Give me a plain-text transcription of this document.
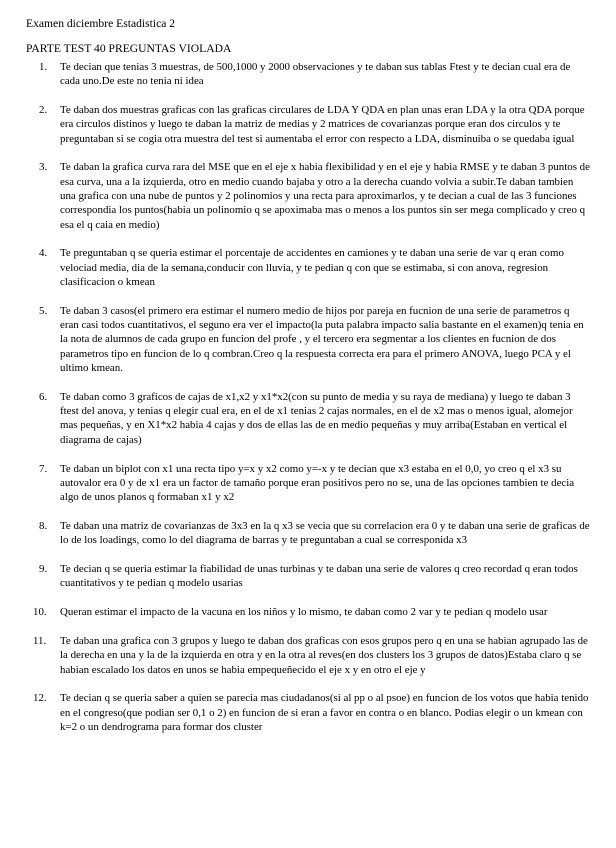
Examen diciembre Estadistica 2
PARTE TEST 40 PREGUNTAS VIOLADA
1. Te decian que tenias 3 muestras, de 500,1000 y 2000 observaciones y te daban sus tablas Ftest y te decian cual era de cada uno.De este no tenia ni idea
2. Te daban dos muestras graficas con las graficas circulares de LDA Y QDA en plan unas eran LDA y la otra QDA porque era circulos distinos y luego te daban la matriz de medias y 2 matrices de covarianzas porque eran dos circulos y te preguntaban si se cogia otra muestra del test si aumentaba el error con respecto a LDA, disminuiba o se quedaba igual
3. Te daban la grafica curva rara del MSE que en el eje x habia flexibilidad y en el eje y habia RMSE y te daban 3 puntos de esa curva, una a la izquierda, otro en medio cuando bajaba y otro a la derecha cuando volvia a subir.Te daban tambien una grafica con una nube de puntos y 2 polinomios y una recta para aproximarlos, y te decian a cual de las 3 funciones correspondia los puntos(habia un polinomio q se apoximaba mas o menos a los puntos sin ser mega complicado y creo q esa el q caia en medio)
4. Te preguntaban q se queria estimar el porcentaje de accidentes en camiones y te daban una serie de var q eran como velociad media, dia de la semana,conducir con lluvia, y te pedian q con que se estimaba, si con anova, regresion clasificacion o kmean
5. Te daban 3 casos(el primero era estimar el numero medio de hijos por pareja en fucnion de una serie de parametros q eran casi todos cuantitativos, el seguno era ver el impacto(la puta palabra impacto salia bastante en el examen)q tenia en la nota de alumnos de cada grupo en funcion del profe , y el tercero era segmentar a los clientes en fucnion de dos parametros tipo en funcion de lo q combran.Creo q la respuesta correcta era para el primero ANOVA, luego PCA y el ultimo kmean.
6. Te daban como 3 graficos de cajas de x1,x2 y x1*x2(con su punto de media y su raya de mediana) y luego te daban 3 ftest del anova, y tenias q elegir cual era, en el de x1 tenias 2 cajas normales, en el de x2 mas o menos igual, alomejor mas pequeñas, y en X1*x2 habia 4 cajas y dos de ellas las de en medio pequeñas y muy arriba(Estaban en vertical el diagrama de cajas)
7. Te daban un biplot con x1 una recta tipo y=x y x2 como y=-x y te decian que x3 estaba en el 0,0, yo creo q el x3 su autovalor era 0 y de x1 era un factor de tamaño porque eran positivos pero no se, una de las opciones tambien te decia algo de unos planos q formaban x1 y x2
8. Te daban una matriz de covarianzas de 3x3 en la q x3 se vecia que su correlacion era 0 y te daban una serie de graficas de lo de los loadings, como lo del diagrama de barras y te preguntaban a cual se corresponida x3
9. Te decian q se queria estimar la fiabilidad de unas turbinas y te daban una serie de valores q creo recordad q eran todos cuantitativos y te pedian q modelo usarias
10. Queran estimar el impacto de la vacuna en los niños y lo mismo, te daban como 2 var y te pedian q modelo usar
11. Te daban una grafica con 3 grupos y luego te daban dos graficas con esos grupos pero q en una se habian agrupado las de la derecha en una y la de la izquierda en otra y en la otra al reves(en dos clusters los 3 grupos de datos)Estaba claro q se habian escalado los datos en unos se habia empequeñecido el eje x y en otro el eje y
12. Te decian q se queria saber a quien se parecia mas ciudadanos(si al pp o al psoe) en funcion de los votos que habia tenido en el congreso(que podian ser 0,1 o 2) en funcion de si eran a favor en contra o en blanco. Podias elegir o un kmean con k=2 o un dendrograma para formar dos cluster
